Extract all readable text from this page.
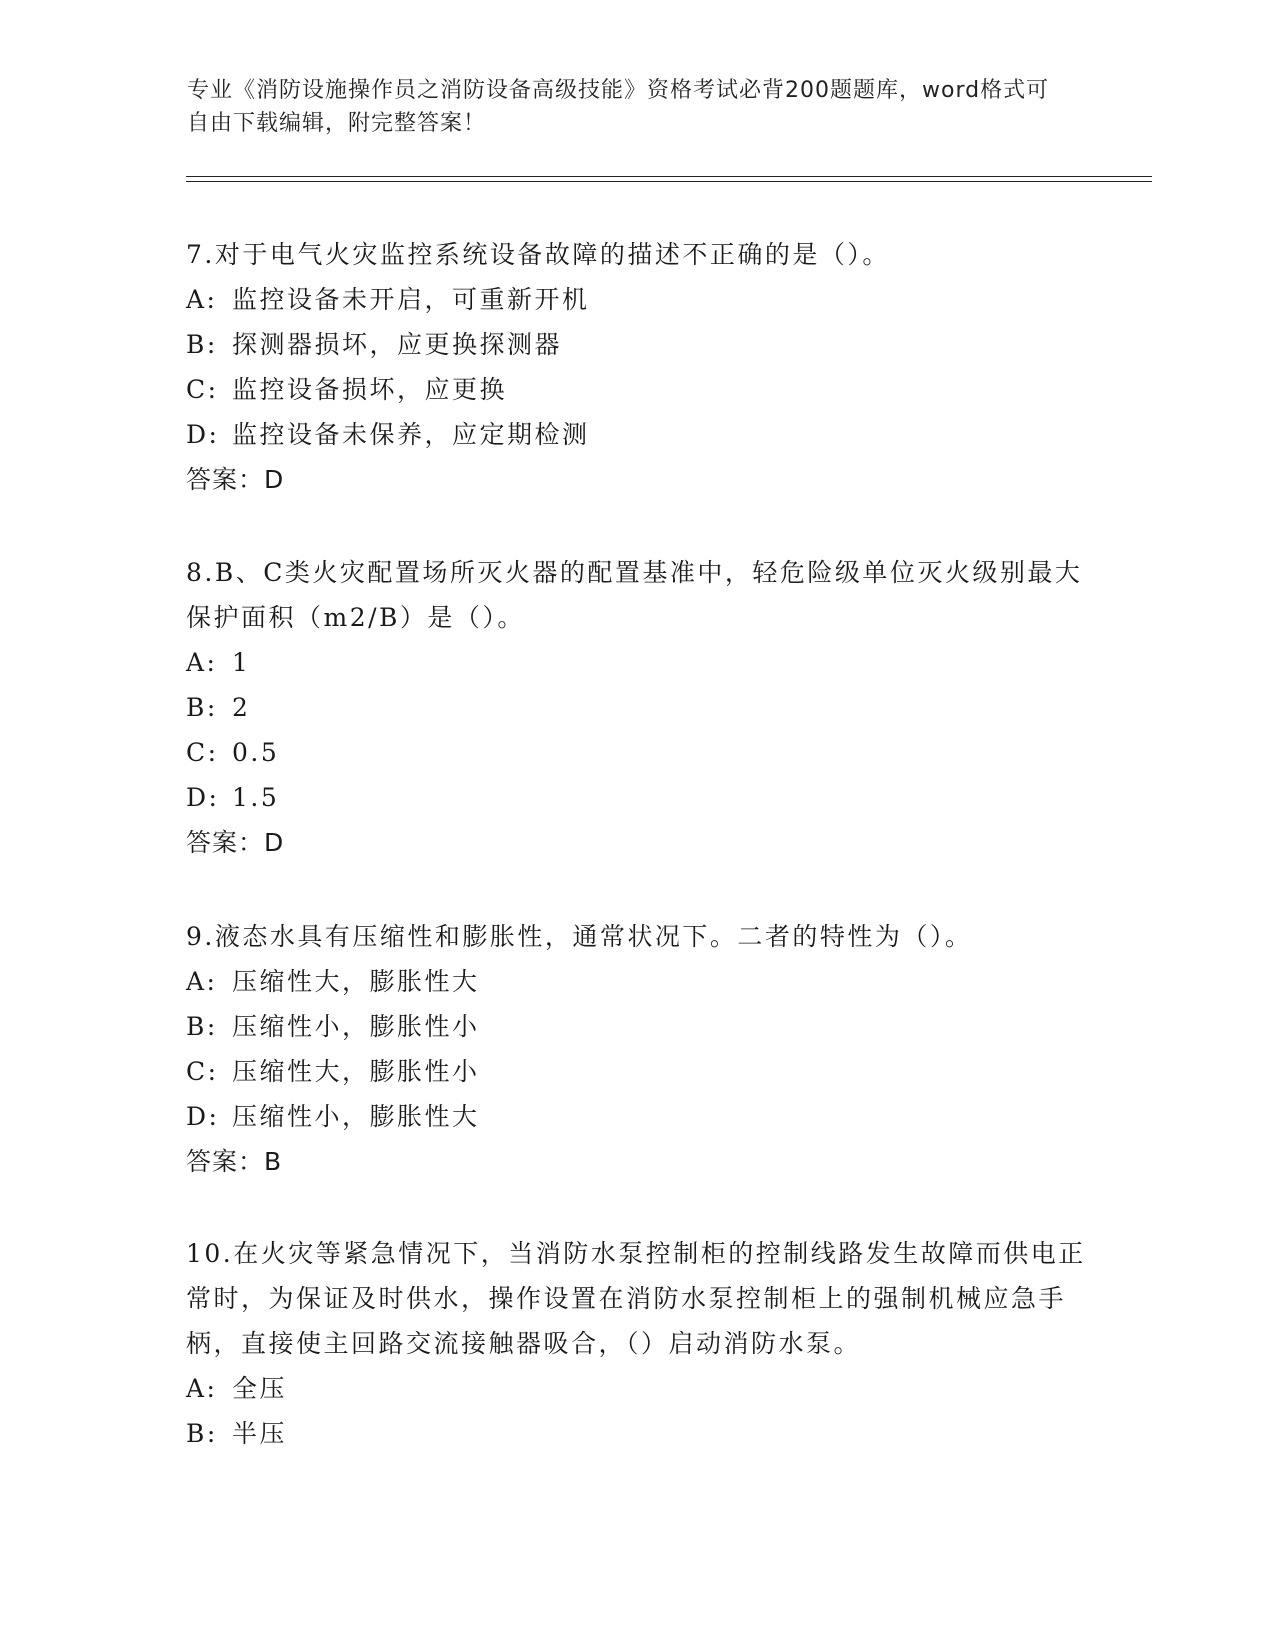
专业《消防设施操作员之消防设备高级技能》资格考试必背200题题库，word格式可自由下载编辑，附完整答案！

7.对于电气火灾监控系统设备故障的描述不正确的是（）。

A: 监控设备未开启，可重新开机

B: 探测器损坏，应更换探测器

C: 监控设备损坏，应更换

D: 监控设备未保养，应定期检测

答案：D

8.B、C类火灾配置场所灭火器的配置基准中，轻危险级单位灭火级别最大保护面积（m2/B）是（）。

A: 1

B: 2

C: 0.5

D: 1.5

答案：D

9.液态水具有压缩性和膨胀性，通常状况下。二者的特性为（）。

A: 压缩性大，膨胀性大

B: 压缩性小，膨胀性小

C: 压缩性大，膨胀性小

D: 压缩性小，膨胀性大

答案：B

10.在火灾等紧急情况下，当消防水泵控制柜的控制线路发生故障而供电正常时，为保证及时供水，操作设置在消防水泵控制柜上的强制机械应急手柄，直接使主回路交流接触器吸合，（）启动消防水泵。

A: 全压

B: 半压
